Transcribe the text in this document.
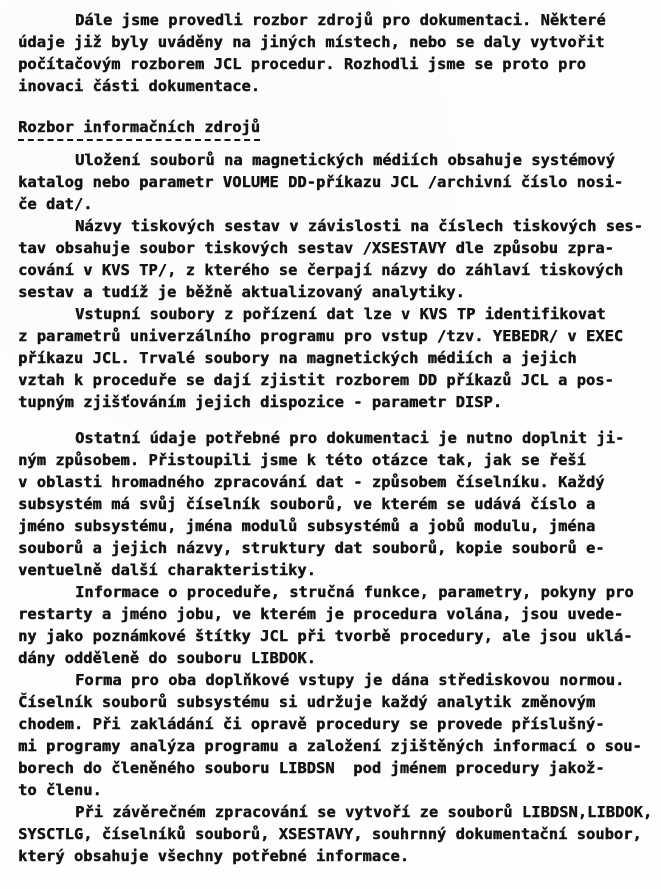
Dále jsme provedli rozbor zdrojů pro dokumentaci. Některé
údaje již byly uváděny na jiných místech, nebo se daly vytvořit
počítačovým rozborem JCL procedur. Rozhodli jsme se proto pro
inovaci části dokumentace.
Rozbor informačních zdrojů
Uložení souborů na magnetických médiích obsahuje systémový
katalog nebo parametr VOLUME DD-příkazu JCL /archivní číslo nosi-
če dat/.
Názvy tiskových sestav v závislosti na číslech tiskových ses-
tav obsahuje soubor tiskových sestav /XSESTAVY dle způsobu zpra-
cování v KVS TP/, z kterého se čerpají názvy do záhlaví tiskových
sestav a tudíž je běžně aktualizovaný analytiky.
Vstupní soubory z pořízení dat lze v KVS TP identifikovat
z parametrů univerzálního programu pro vstup /tzv. YEBEDR/ v EXEC
příkazu JCL. Trvalé soubory na magnetických médiích a jejich
vztah k proceduře se dají zjistit rozborem DD příkazů JCL a pos-
tupným zjišťováním jejich dispozice - parametr DISP.
Ostatní údaje potřebné pro dokumentaci je nutno doplnit ji-
ným způsobem. Přistoupili jsme k této otázce tak, jak se řeší
v oblasti hromadného zpracování dat - způsobem číselníku. Každý
subsystém má svůj číselník souborů, ve kterém se udává číslo a
jméno subsystému, jména modulů subsystémů a jobů modulu, jména
souborů a jejich názvy, struktury dat souborů, kopie souborů e-
ventuelně další charakteristiky.
Informace o proceduře, stručná funkce, parametry, pokyny pro
restarty a jméno jobu, ve kterém je procedura volána, jsou uvede-
ny jako poznámkové štítky JCL při tvorbě procedury, ale jsou uklá-
dány odděleně do souboru LIBDOK.
Forma pro oba doplňkové vstupy je dána střediskovou normou.
Číselník souborů subsystému si udržuje každý analytik změnovým
chodem. Při zakládání či opravě procedury se provede příslušný-
mi programy analýza programu a založení zjištěných informací o sou-
borech do členěného souboru LIBDSN  pod jménem procedury jakož-
to členu.
Při závěrečném zpracování se vytvoří ze souborů LIBDSN,LIBDOK,
SYSCTLG, číselníků souborů, XSESTAVY, souhrnný dokumentační soubor,
který obsahuje všechny potřebné informace.
